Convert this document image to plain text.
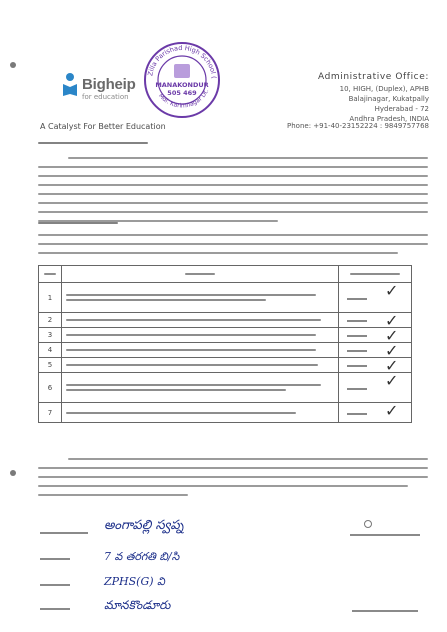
Bigheip
for education
A Catalyst For Better Education
Administrative Office:
10, HIGH, (Duplex), APHB
Balajinagar, Kukatpally
Hyderabad - 72
Andhra Pradesh, INDIA
Phone: +91-40-23152224 : 9849757768
Zilla Parishad High School (
Mdl. Karimnagar Dt.
MANAKONDUR
505 469

1		✓

2		✓

3		✓

4		✓

5		✓

6		✓

7		✓
అంగాపల్లి స్వప్న
7 వ తరగతి బి/సి
ZPHS(G) వి
మానకొండూరు
